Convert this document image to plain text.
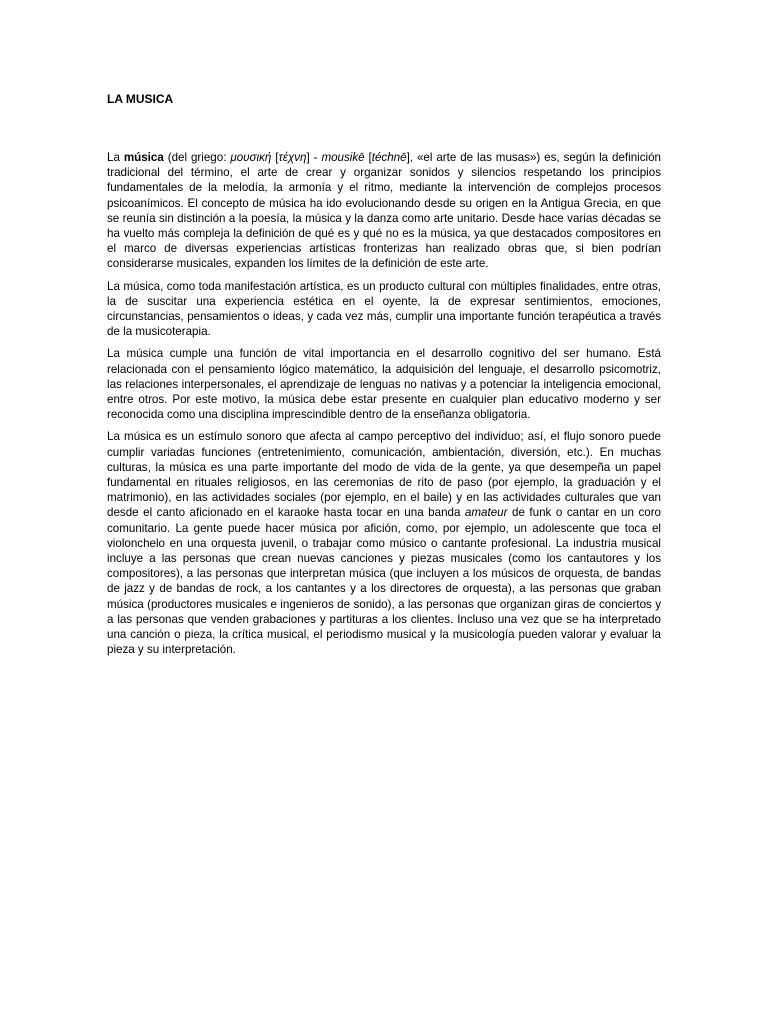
LA MUSICA

La música (del griego: μουσική [τέχνη] - mousikē [téchnē], «el arte de las musas») es, según la definición tradicional del término, el arte de crear y organizar sonidos y silencios respetando los principios fundamentales de la melodía, la armonía y el ritmo, mediante la intervención de complejos procesos psicoanímicos. El concepto de música ha ido evolucionando desde su origen en la Antigua Grecia, en que se reunía sin distinción a la poesía, la música y la danza como arte unitario. Desde hace varias décadas se ha vuelto más compleja la definición de qué es y qué no es la música, ya que destacados compositores en el marco de diversas experiencias artísticas fronterizas han realizado obras que, si bien podrían considerarse musicales, expanden los límites de la definición de este arte.

La música, como toda manifestación artística, es un producto cultural con múltiples finalidades, entre otras, la de suscitar una experiencia estética en el oyente, la de expresar sentimientos, emociones, circunstancias, pensamientos o ideas, y cada vez más, cumplir una importante función terapéutica a través de la musicoterapia.

La música cumple una función de vital importancia en el desarrollo cognitivo del ser humano. Está relacionada con el pensamiento lógico matemático, la adquisición del lenguaje, el desarrollo psicomotriz, las relaciones interpersonales, el aprendizaje de lenguas no nativas y a potenciar la inteligencia emocional, entre otros. Por este motivo, la música debe estar presente en cualquier plan educativo moderno y ser reconocida como una disciplina imprescindible dentro de la enseñanza obligatoria.

La música es un estímulo sonoro que afecta al campo perceptivo del individuo; así, el flujo sonoro puede cumplir variadas funciones (entretenimiento, comunicación, ambientación, diversión, etc.). En muchas culturas, la música es una parte importante del modo de vida de la gente, ya que desempeña un papel fundamental en rituales religiosos, en las ceremonias de rito de paso (por ejemplo, la graduación y el matrimonio), en las actividades sociales (por ejemplo, en el baile) y en las actividades culturales que van desde el canto aficionado en el karaoke hasta tocar en una banda amateur de funk o cantar en un coro comunitario. La gente puede hacer música por afición, como, por ejemplo, un adolescente que toca el violonchelo en una orquesta juvenil, o trabajar como músico o cantante profesional. La industria musical incluye a las personas que crean nuevas canciones y piezas musicales (como los cantautores y los compositores), a las personas que interpretan música (que incluyen a los músicos de orquesta, de bandas de jazz y de bandas de rock, a los cantantes y a los directores de orquesta), a las personas que graban música (productores musicales e ingenieros de sonido), a las personas que organizan giras de conciertos y a las personas que venden grabaciones y partituras a los clientes. Incluso una vez que se ha interpretado una canción o pieza, la crítica musical, el periodismo musical y la musicología pueden valorar y evaluar la pieza y su interpretación.
